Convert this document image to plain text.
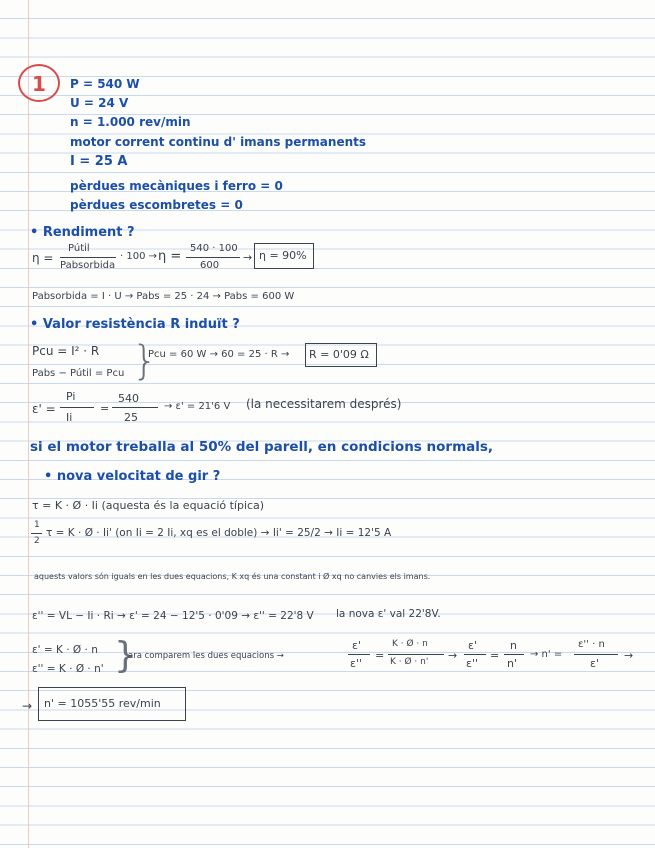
1	P = 540 W
U = 24 V
n = 1.000 rev/min
motor corrent continu d' imans permanents
I = 25 A
pèrdues mecàniques i ferro = 0
pèrdues escombretes = 0
• Rendiment ?
η =
Pútil
Pabsorbida
· 100 → η =
540 · 100
600
→ η = 90%
Pabsorbida = I · U → Pabs = 25 · 24 → Pabs = 600 W
• Valor resistència R induït ?
Pcu = I² · R
Pabs − Pútil = Pcu }
Pcu = 60 W → 60 = 25 · R → R = 0'09 Ω
ε' =
Pi
Ii
=
540
25
→ ε' = 21'6 V (la necessitarem després)
si el motor treballa al 50% del parell, en condicions normals,
• nova velocitat de gir ?
τ = K · Ø · Ii (aquesta és la equació típica)
1
2
τ = K · Ø · Ii' (on Ii = 2 Ii, xq es el doble) → Ii' = 25/2 → Ii = 12'5 A
aquests valors són iguals en les dues equacions, K xq és una constant i Ø xq no canvies els imans.
ε'' = VL − Ii · Ri → ε' = 24 − 12'5 · 0'09 → ε'' = 22'8 V la nova ε' val 22'8V.
ε' = K · Ø · n
ε'' = K · Ø · n' }
ara comparem les dues equacions →
ε'
ε''
=
K · Ø · n
K · Ø · n' →
ε'
ε''
=
n
n'
→ n' =
ε'' · n
ε'
→
→ n' = 1055'55 rev/min
